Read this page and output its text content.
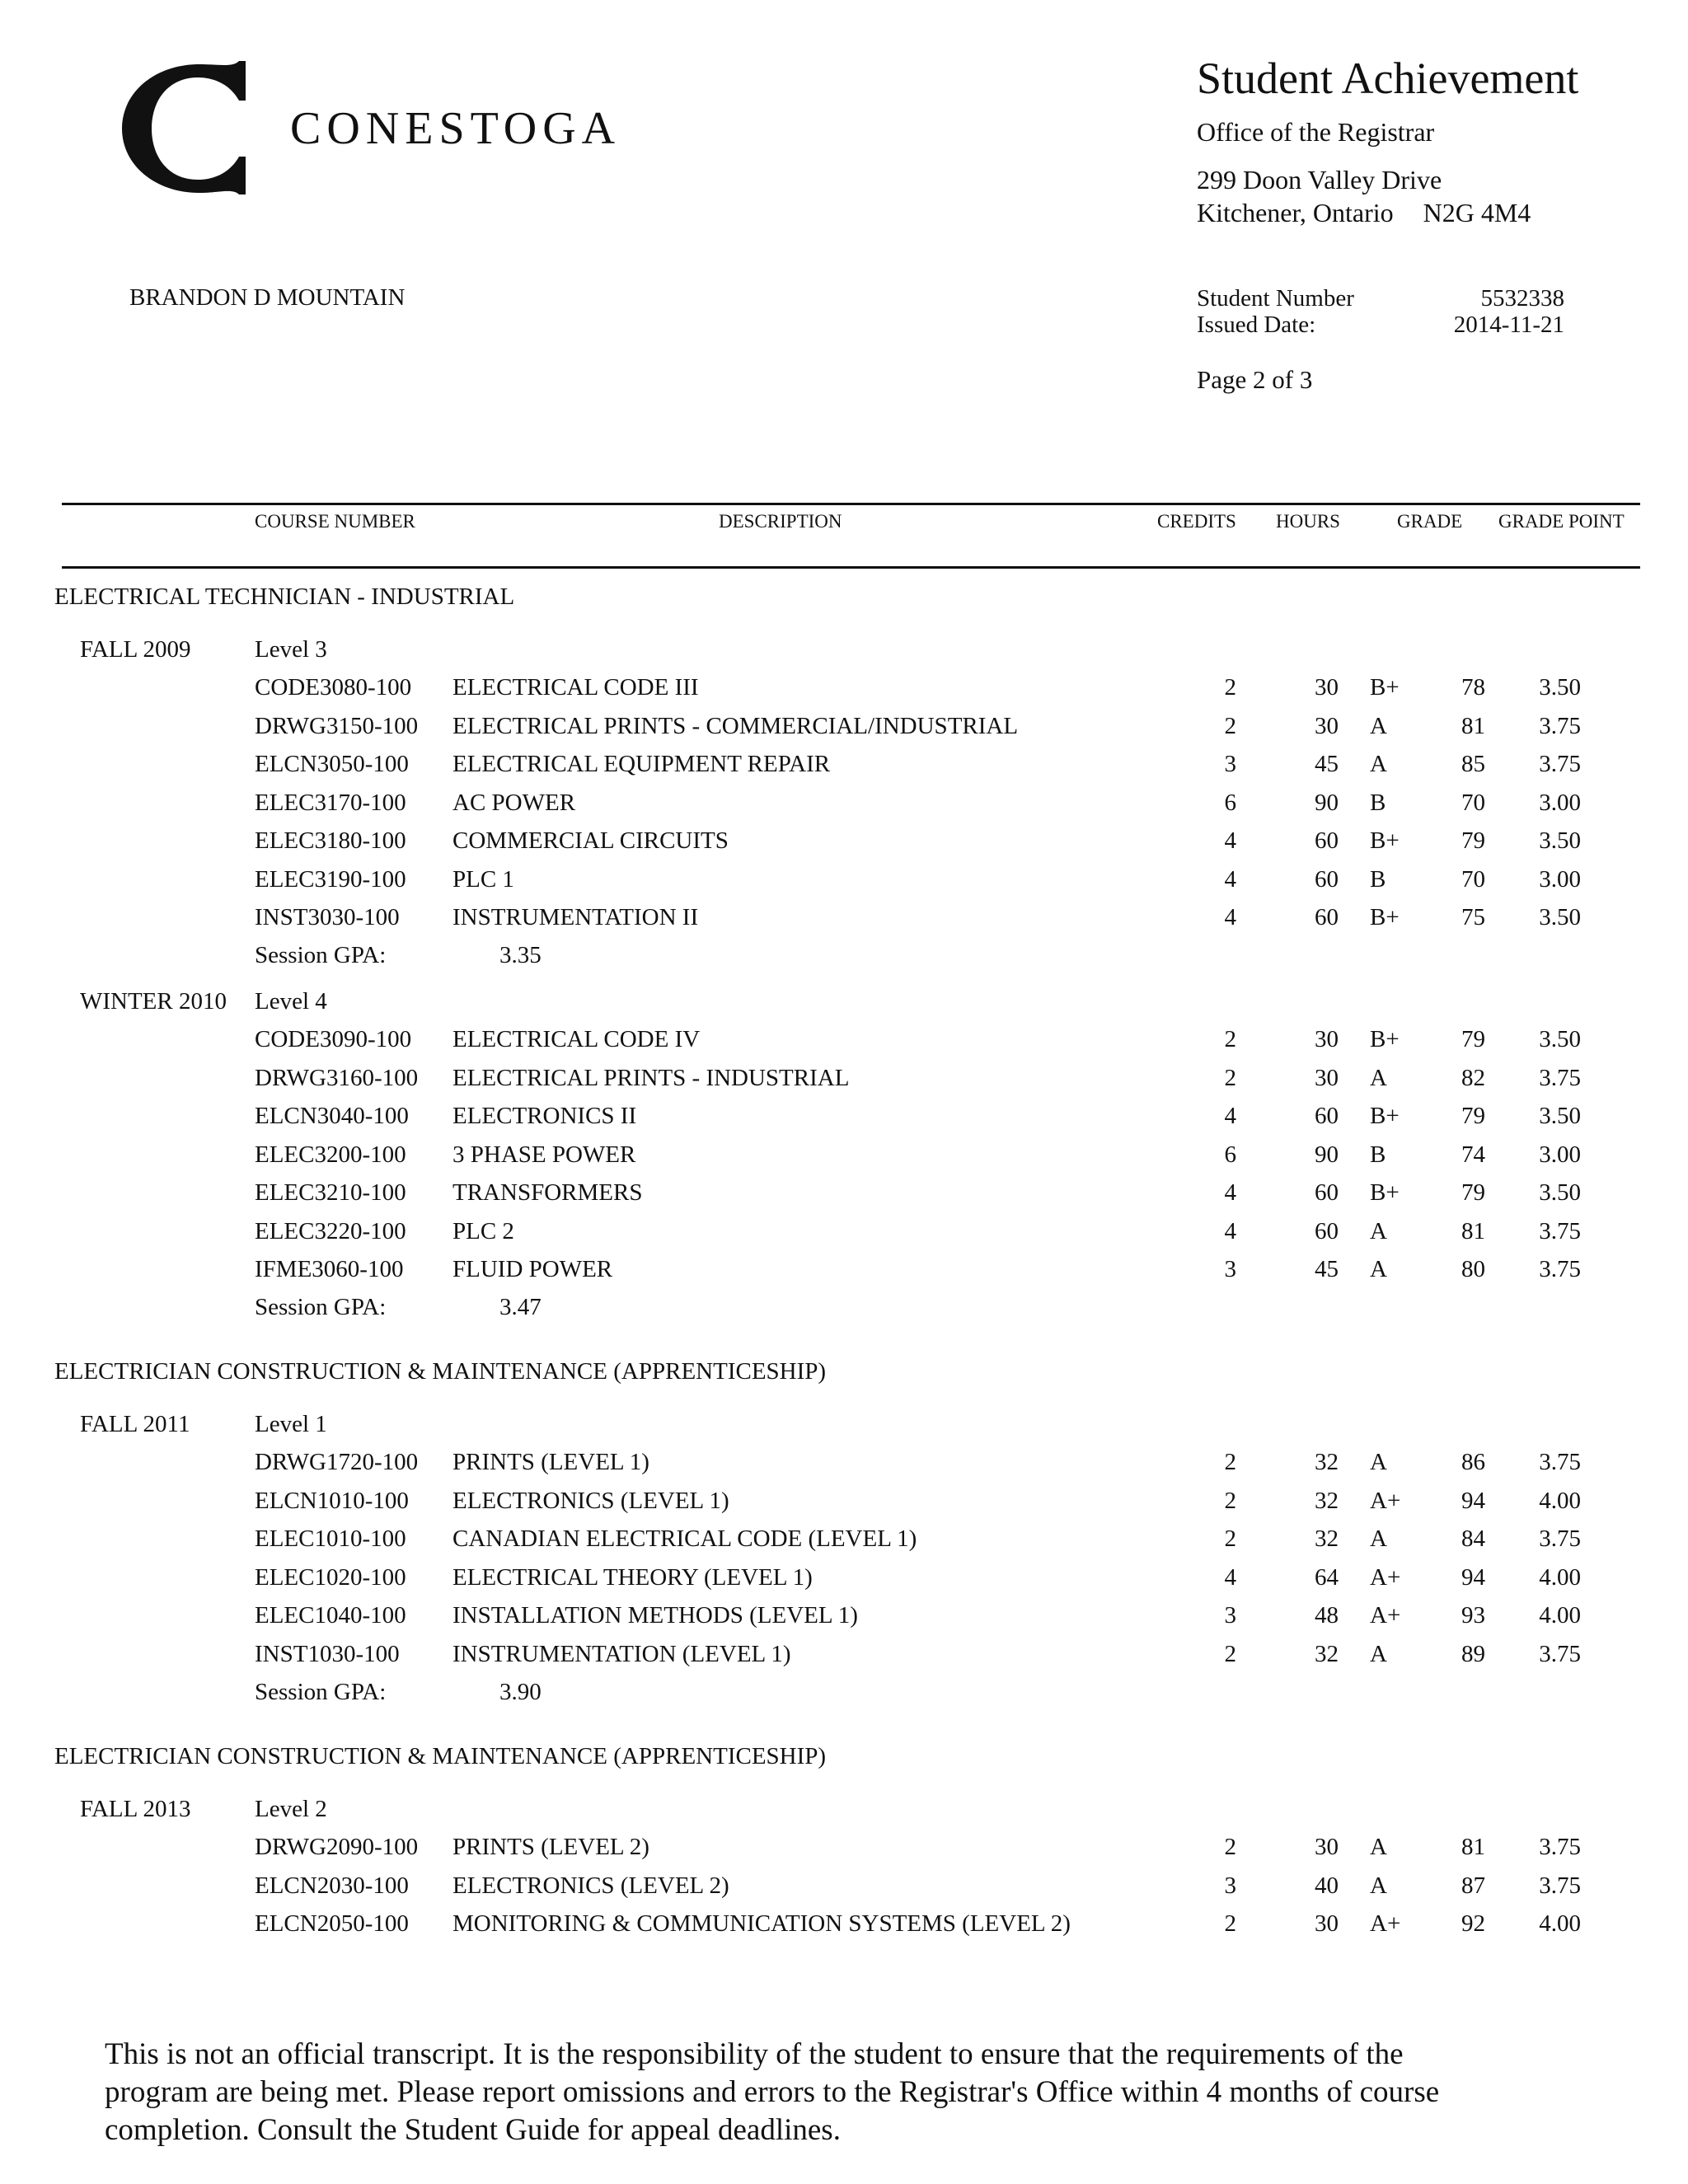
CONESTOGA
Student Achievement
Office of the Registrar
299 Doon Valley Drive
Kitchener, Ontario N2G 4M4
BRANDON D MOUNTAIN	Student Number	5532338
Issued Date:	2014-11-21
Page 2 of 3
COURSE NUMBER	DESCRIPTION	CREDITS HOURS	GRADE GRADE POINT
ELECTRICAL TECHNICIAN - INDUSTRIAL
FALL 2009	Level 3
CODE3080-100 ELECTRICAL CODE III	2	30 B+	78	3.50
DRWG3150-100 ELECTRICAL PRINTS - COMMERCIAL/INDUSTRIAL	2	30 A	81	3.75
ELCN3050-100 ELECTRICAL EQUIPMENT REPAIR	3	45 A	85	3.75
ELEC3170-100 AC POWER	6	90 B	70	3.00
ELEC3180-100 COMMERCIAL CIRCUITS	4	60 B+	79	3.50
ELEC3190-100 PLC 1	4	60 B	70	3.00
INST3030-100 INSTRUMENTATION II	4	60 B+	75	3.50
Session GPA:	3.35
WINTER 2010 Level 4
CODE3090-100 ELECTRICAL CODE IV	2	30 B+	79	3.50
DRWG3160-100 ELECTRICAL PRINTS - INDUSTRIAL	2	30 A	82	3.75
ELCN3040-100 ELECTRONICS II	4	60 B+	79	3.50
ELEC3200-100 3 PHASE POWER	6	90 B	74	3.00
ELEC3210-100 TRANSFORMERS	4	60 B+	79	3.50
ELEC3220-100 PLC 2	4	60 A	81	3.75
IFME3060-100 FLUID POWER	3	45 A	80	3.75
Session GPA:	3.47
ELECTRICIAN CONSTRUCTION & MAINTENANCE (APPRENTICESHIP)
FALL 2011	Level 1
DRWG1720-100 PRINTS (LEVEL 1)	2	32 A	86	3.75
ELCN1010-100 ELECTRONICS (LEVEL 1)	2	32 A+	94	4.00
ELEC1010-100 CANADIAN ELECTRICAL CODE (LEVEL 1)	2	32 A	84	3.75
ELEC1020-100 ELECTRICAL THEORY (LEVEL 1)	4	64 A+	94	4.00
ELEC1040-100 INSTALLATION METHODS (LEVEL 1)	3	48 A+	93	4.00
INST1030-100 INSTRUMENTATION (LEVEL 1)	2	32 A	89	3.75
Session GPA:	3.90
ELECTRICIAN CONSTRUCTION & MAINTENANCE (APPRENTICESHIP)
FALL 2013	Level 2
DRWG2090-100 PRINTS (LEVEL 2)	2	30 A	81	3.75
ELCN2030-100 ELECTRONICS (LEVEL 2)	3	40 A	87	3.75
ELCN2050-100 MONITORING & COMMUNICATION SYSTEMS (LEVEL 2)	2	30 A+	92	4.00
This is not an official transcript. It is the responsibility of the student to ensure that the requirements of the
program are being met. Please report omissions and errors to the Registrar's Office within 4 months of course
completion. Consult the Student Guide for appeal deadlines.
